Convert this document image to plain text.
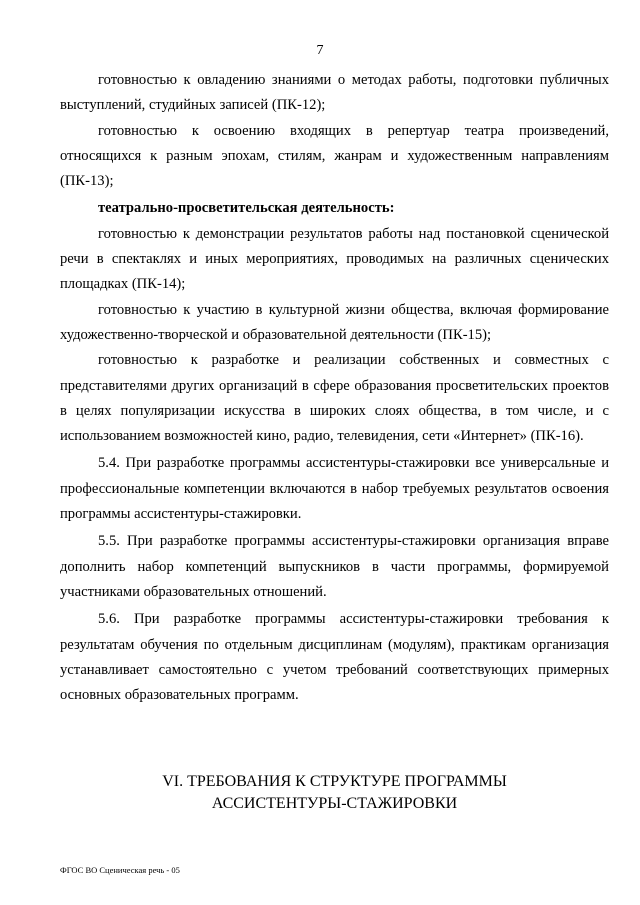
7

готовностью к овладению знаниями о методах работы, подготовки публичных выступлений, студийных записей (ПК-12);

готовностью к освоению входящих в репертуар театра произведений, относящихся к разным эпохам, стилям, жанрам и художественным направлениям (ПК-13);

театрально-просветительская деятельность:

готовностью к демонстрации результатов работы над постановкой сценической речи в спектаклях и иных мероприятиях, проводимых на различных сценических площадках (ПК-14);

готовностью к участию в культурной жизни общества, включая формирование художественно-творческой и образовательной деятельности (ПК-15);

готовностью к разработке и реализации собственных и совместных с представителями других организаций в сфере образования просветительских проектов в целях популяризации искусства в широких слоях общества, в том числе, и с использованием возможностей кино, радио, телевидения, сети «Интернет» (ПК-16).

5.4. При разработке программы ассистентуры-стажировки все универсальные и профессиональные компетенции включаются в набор требуемых результатов освоения программы ассистентуры-стажировки.

5.5. При разработке программы ассистентуры-стажировки организация вправе дополнить набор компетенций выпускников в части программы, формируемой участниками образовательных отношений.

5.6. При разработке программы ассистентуры-стажировки требования к результатам обучения по отдельным дисциплинам (модулям), практикам организация устанавливает самостоятельно с учетом требований соответствующих примерных основных образовательных программ.

VI. ТРЕБОВАНИЯ К СТРУКТУРЕ ПРОГРАММЫ
АССИСТЕНТУРЫ-СТАЖИРОВКИ
ФГОС ВО Сценическая речь - 05
